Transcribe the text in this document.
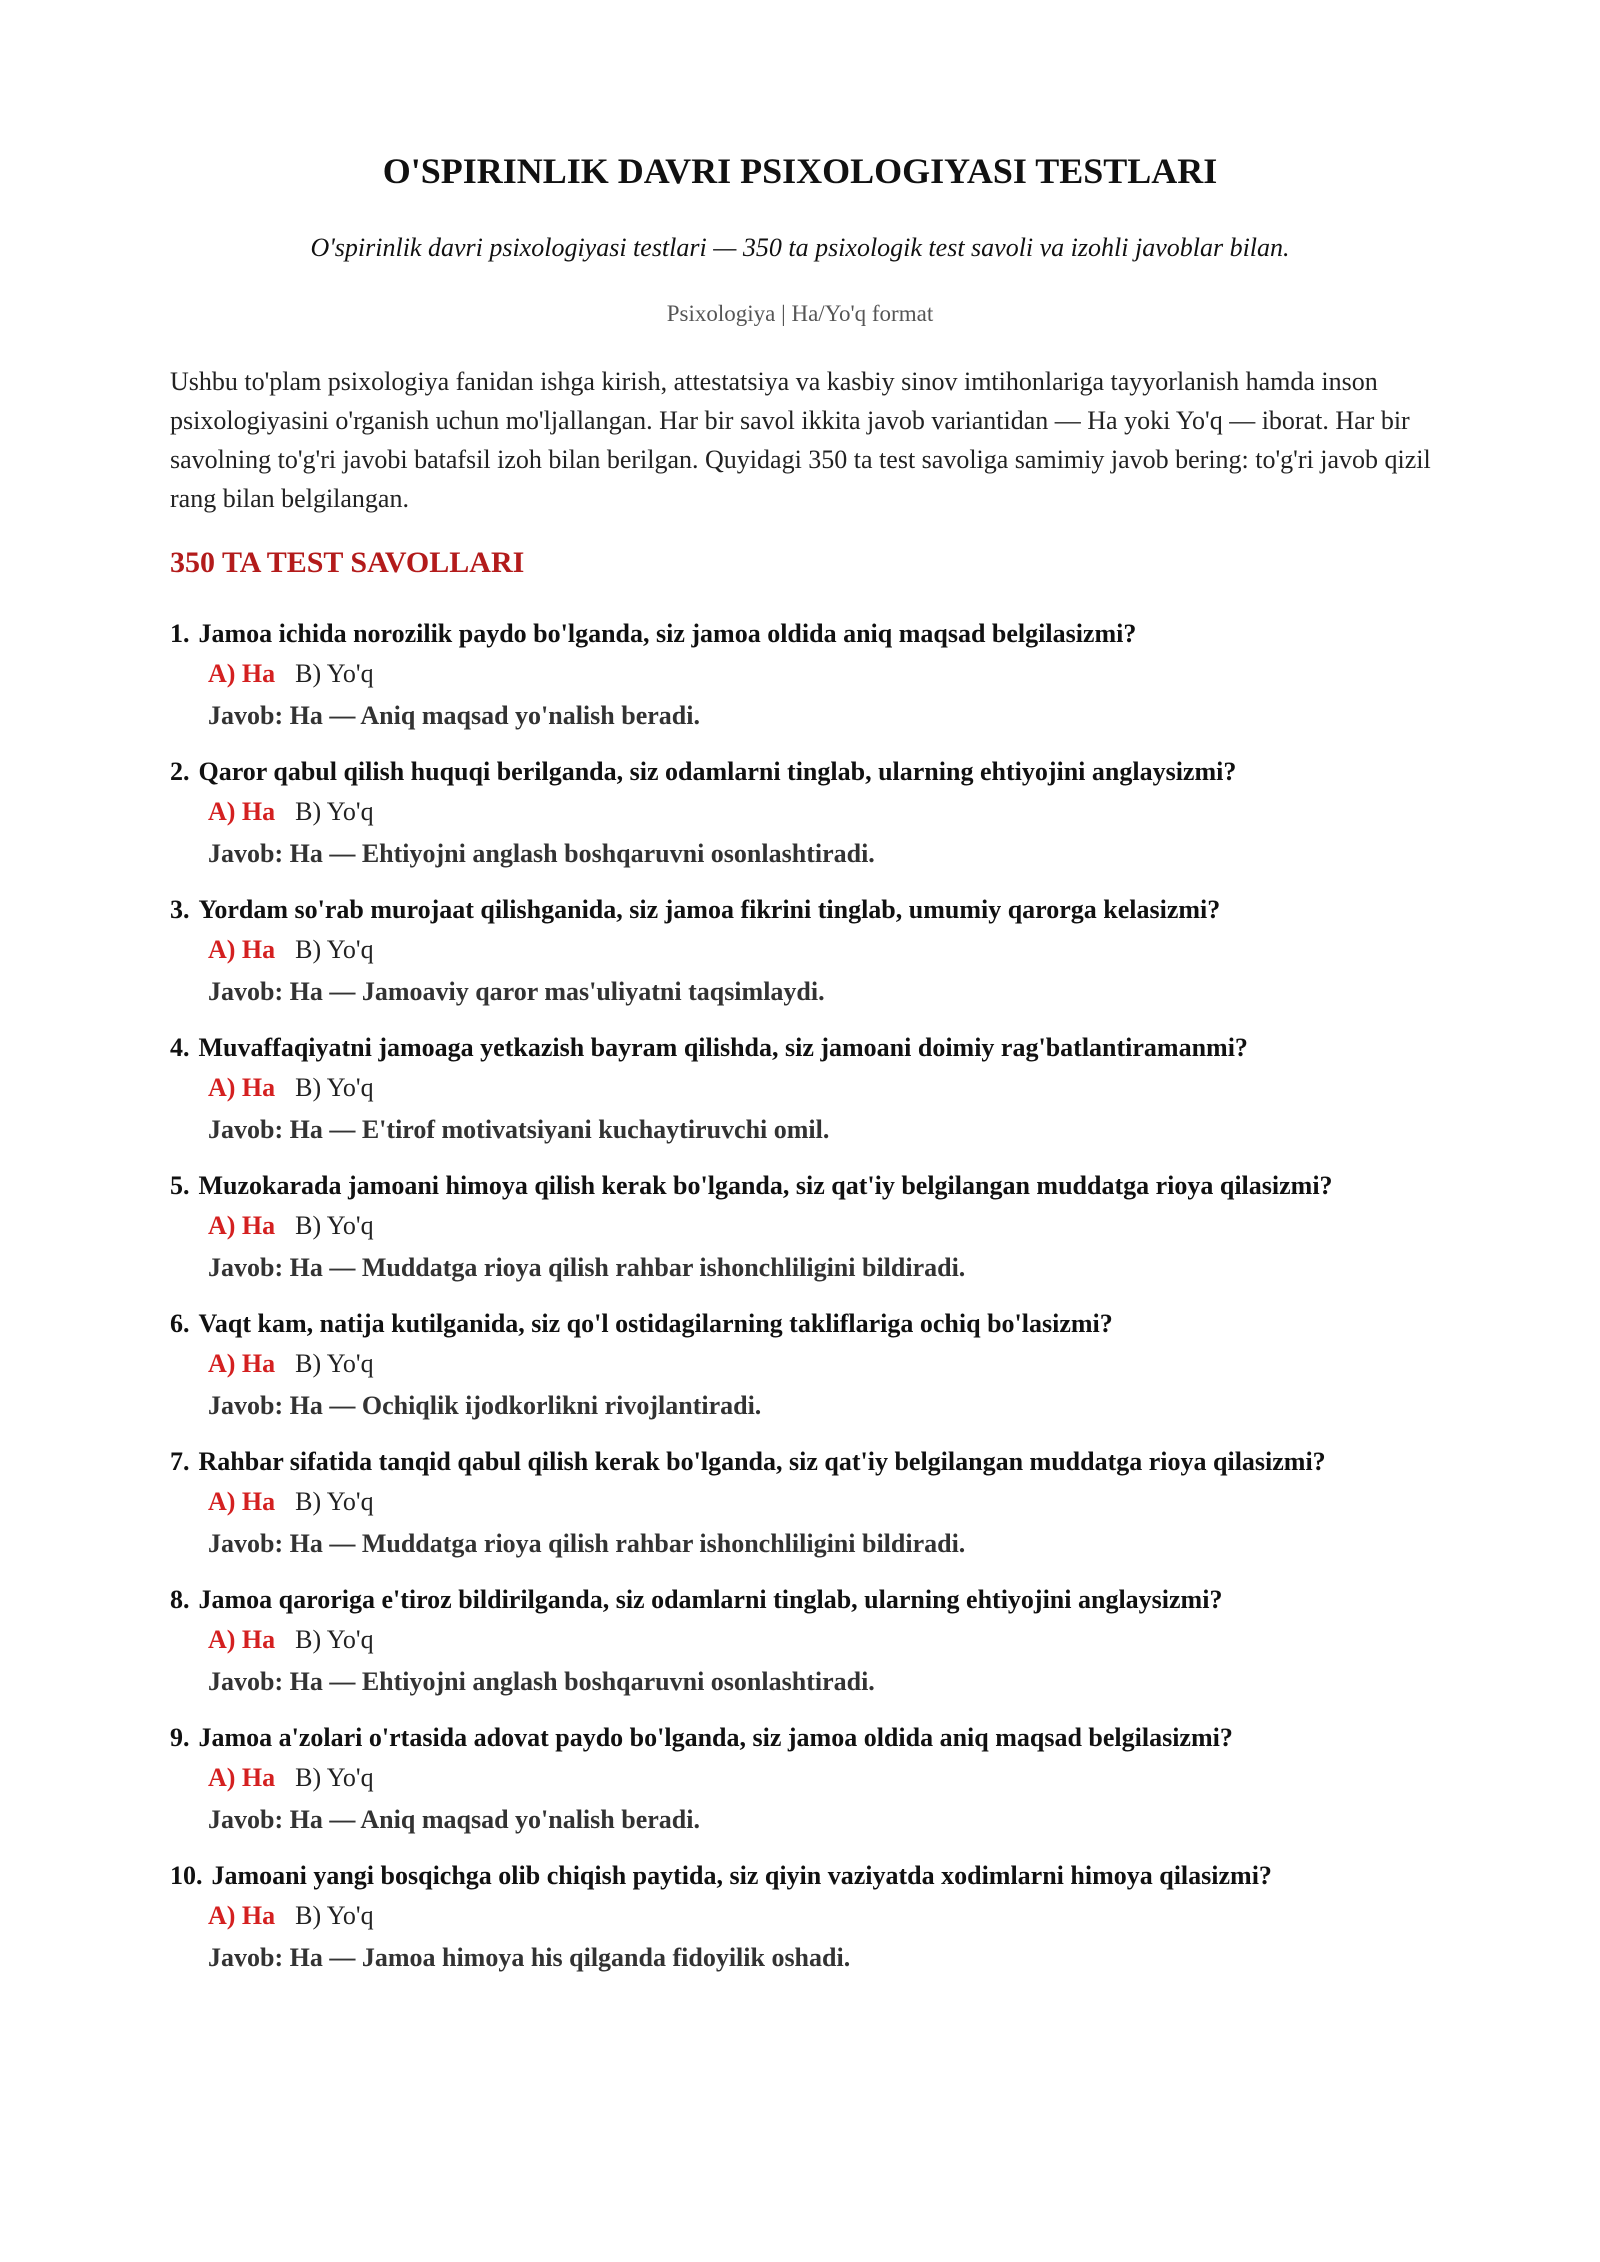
O'SPIRINLIK DAVRI PSIXOLOGIYASI TESTLARI
O'spirinlik davri psixologiyasi testlari — 350 ta psixologik test savoli va izohli javoblar bilan.
Psixologiya | Ha/Yo'q format

Ushbu to'plam psixologiya fanidan ishga kirish, attestatsiya va kasbiy sinov imtihonlariga tayyorlanish hamda inson psixologiyasini o'rganish uchun mo'ljallangan. Har bir savol ikkita javob variantidan — Ha yoki Yo'q — iborat. Har bir savolning to'g'ri javobi batafsil izoh bilan berilgan. Quyidagi 350 ta test savoliga samimiy javob bering: to'g'ri javob qizil rang bilan belgilangan.

350 TA TEST SAVOLLARI
1. Jamoa ichida norozilik paydo bo'lganda, siz jamoa oldida aniq maqsad belgilasizmi?
A) Ha B) Yo'q
Javob: Ha — Aniq maqsad yo'nalish beradi.
2. Qaror qabul qilish huquqi berilganda, siz odamlarni tinglab, ularning ehtiyojini anglaysizmi?
A) Ha B) Yo'q
Javob: Ha — Ehtiyojni anglash boshqaruvni osonlashtiradi.
3. Yordam so'rab murojaat qilishganida, siz jamoa fikrini tinglab, umumiy qarorga kelasizmi?
A) Ha B) Yo'q
Javob: Ha — Jamoaviy qaror mas'uliyatni taqsimlaydi.
4. Muvaffaqiyatni jamoaga yetkazish bayram qilishda, siz jamoani doimiy rag'batlantiramanmi?
A) Ha B) Yo'q
Javob: Ha — E'tirof motivatsiyani kuchaytiruvchi omil.
5. Muzokarada jamoani himoya qilish kerak bo'lganda, siz qat'iy belgilangan muddatga rioya qilasizmi?
A) Ha B) Yo'q
Javob: Ha — Muddatga rioya qilish rahbar ishonchliligini bildiradi.
6. Vaqt kam, natija kutilganida, siz qo'l ostidagilarning takliflariga ochiq bo'lasizmi?
A) Ha B) Yo'q
Javob: Ha — Ochiqlik ijodkorlikni rivojlantiradi.
7. Rahbar sifatida tanqid qabul qilish kerak bo'lganda, siz qat'iy belgilangan muddatga rioya qilasizmi?
A) Ha B) Yo'q
Javob: Ha — Muddatga rioya qilish rahbar ishonchliligini bildiradi.
8. Jamoa qaroriga e'tiroz bildirilganda, siz odamlarni tinglab, ularning ehtiyojini anglaysizmi?
A) Ha B) Yo'q
Javob: Ha — Ehtiyojni anglash boshqaruvni osonlashtiradi.
9. Jamoa a'zolari o'rtasida adovat paydo bo'lganda, siz jamoa oldida aniq maqsad belgilasizmi?
A) Ha B) Yo'q
Javob: Ha — Aniq maqsad yo'nalish beradi.
10. Jamoani yangi bosqichga olib chiqish paytida, siz qiyin vaziyatda xodimlarni himoya qilasizmi?
A) Ha B) Yo'q
Javob: Ha — Jamoa himoya his qilganda fidoyilik oshadi.
